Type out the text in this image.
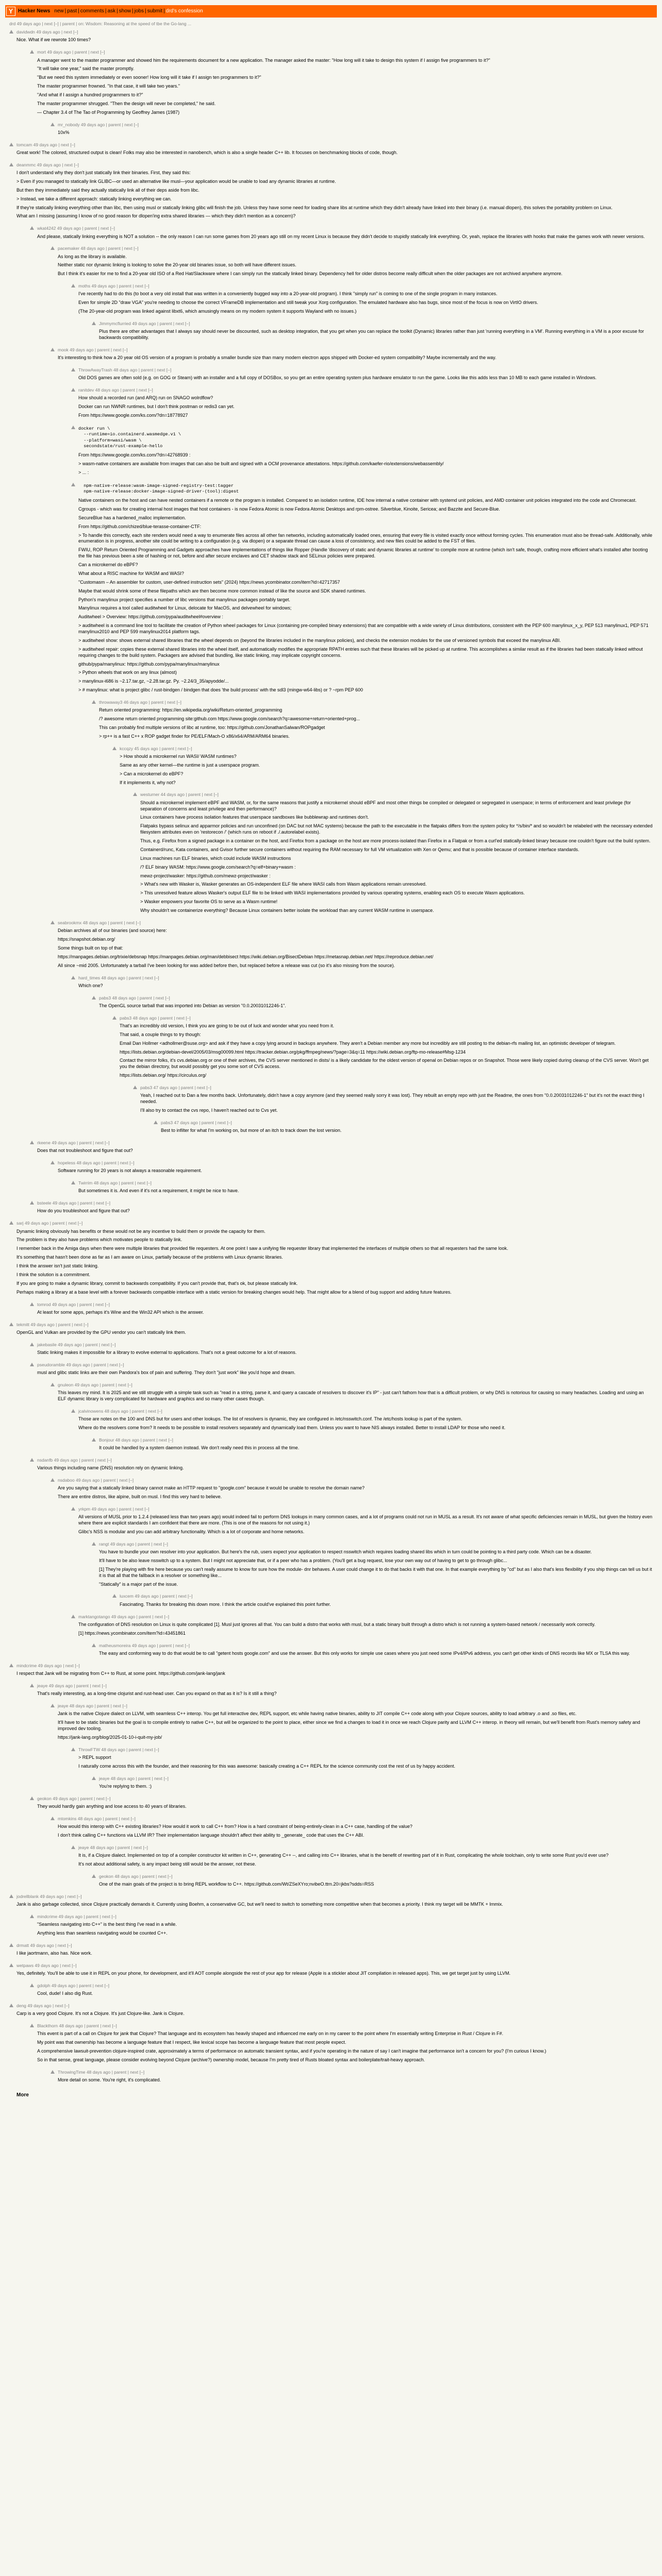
Y Hacker News new | past | comments | ask | show | jobs | submit | drd's confession
drd 49 days ago | next [–] | parent | on: Wisdom: Reasoning at the speed of tbe the Go-lang ...
davidwdn 49 days ago | next [–]

Nice. What if we rewrote 100 times?

mort 49 days ago | parent | next [–]

A manager went to the master programmer and showed him the requirements document for a new application. The manager asked the master: "How long will it take to design this system if I assign five programmers to it?"

"It will take one year," said the master promptly.

"But we need this system immediately or even sooner! How long will it take if I assign ten programmers to it?"

The master programmer frowned. "In that case, it will take two years."

"And what if I assign a hundred programmers to it?"

The master programmer shrugged. "Then the design will never be completed," he said.

— Chapter 3.4 of The Tao of Programming by Geoffrey James (1987)

mr_nobody 49 days ago | parent | next [–]

10x%

tomcam 49 days ago | next [–]

Great work! The colored, structured output is clean! Folks may also be interested in nanobench, which is also a single header C++ lib. It focuses on benchmarking blocks of code, though.

deanmmc 49 days ago | next [–]

I don't understand why they don't just statically link their binaries. First, they said this:

> Even if you managed to statically link GLIBC—or used an alternative like musl—your application would be unable to load any dynamic libraries at runtime.

But then they immediately said they actually statically link all of their deps aside from libc.

> Instead, we take a different approach: statically linking everything we can.

If they're statically linking everything other than libc, then using musl or statically linking glibc will finish the job. Unless they have some need for loading share libs at runtime which they didn't already have linked into their binary (i.e. manual dlopen), this solves the portability problem on Linux.

What am I missing (assuming I know of no good reason for dlopen'ing extra shared libraries — which they didn't mention as a concern)?

wkat4242 49 days ago | parent | next [–]

And please, statically linking everything is NOT a solution -- the only reason I can run some games from 20 years ago still on my recent Linux is because they didn't decide to stupidly statically link everything. Or, yeah, replace the libraries with hooks that make the games work with newer versions.

pacemaker 48 days ago | parent | next [–]

As long as the library is available.

Neither static nor dynamic linking is looking to solve the 20-year old binaries issue, so both will have different issues.

But I think it's easier for me to find a 20-year old ISO of a Red Hat/Slackware where I can simply run the statically linked binary. Dependency hell for older distros become really difficult when the older packages are not archived anywhere anymore.

moths 49 days ago | parent | next [–]

I've recently had to do this (to boot a very old install that was written in a conveniently bugged way into a 20-year-old program). I think "simply run" is coming to one of the single program in many instances.

Even for simple 2D "draw VGA" you're needing to choose the correct VFrameDB implementation and still tweak your Xorg configuration. The emulated hardware also has bugs, since most of the focus is now on VirtIO drivers.

(The 20-year-old program was linked against libxt6, which amusingly means on my modern system it supports Wayland with no issues.)

Jimmymcflurried 49 days ago | parent | next [–]

Plus there are other advantages that I always say should never be discounted, such as desktop integration, that you get when you can replace the toolkit (Dynamic) libraries rather than just 'running everything in a VM'. Running everything in a VM is a poor excuse for backwards compatibility.

mook 49 days ago | parent | next [–]

It's interesting to think how a 20 year old OS version of a program is probably a smaller bundle size than many modern electron apps shipped with Docker-ed system compatibility? Maybe incrementally and the way.

ThrowAwayTrash 48 days ago | parent | next [–]

Old DOS games are often sold (e.g. on GOG or Steam) with an installer and a full copy of DOSBox, so you get an entire operating system plus hardware emulator to run the game. Looks like this adds less than 10 MB to each game installed in Windows.

ranitdev 48 days ago | parent | next [–]

How should a recorded run (and ARQ) run on SNAGO wolrdflow?

Docker can run NWNR runtimes, but I don't think postman or redis3 can yet.

From https://www.google.com/ks.com/?dn=18778927

docker run \
--runtime=io.containerd.wasmedge.v1 \
--platform=wasi/wasm \
secondstate/rust-example-hello

From https://www.google.com/ks.com/?dn=42768939 :

> wasm-native containers are available from images that can also be built and signed with a OCM provenance attestations. https://github.com/kaefer-rio/extensions/webassembly/

> ... :

npm-native-release:wasm-image-signed-registry-test:tagger
npm-native-release:docker-image-signed-driver-(tool):digest

Native containers on the host and can have nested containers if a remote or the program is installed. Compared to an isolation runtime, IDE how internal a native container with systemd unit policies, and AMD container unit policies integrated into the code and Chromecast.

Cgroups - which was for creating internal host images that host containers - is now Fedora Atomic is now Fedora Atomic Desktops and rpm-ostree. Silverblue, Kinoite, Sericea; and Bazzite and Secure-Blue.

SecureBlue has a hardened_malloc implementation.

From https://github.com/chized/blue-terasse-container-CTF:

> To handle this correctly, each site renders would need a way to enumerate files across all other fan networks, including automatically loaded ones, ensuring that every file is visited exactly once without forming cycles. This enumeration must also be thread-safe. Additionally, while enumeration is in progress, another site could be writing to a configuration (e.g. via dlopen) or a separate thread can cause a loss of consistency, and new files could be added to the FST of files.

FWIU, ROP Return Oriented Programming and Gadgets approaches have implementations of things like Ropper (Handle 'discovery of static and dynamic libraries at runtime' to compile more at runtime (which isn't safe, though, crafting more efficient what's installed after booting the file has previous been a site of hashing or not, before and after secure enclaves and CET shadow stack and SELinux policies were prepared.

Can a microkernel do eBPF?

What about a RISC machine for WASM and WASI?

"Customasm – An assembler for custom, user-defined instruction sets" (2024) https://news.ycombinator.com/item?id=42717357

Maybe that would shrink some of these filepaths which are then become more common instead of like the source and SDK shared runtimes.

Python's manylinux project specifies a number of libc versions that manylinux packages portably target.

Manylinux requires a tool called auditwheel for Linux, delocate for MacOS, and delvewheel for windows;

Auditwheel > Overview: https://github.com/pypa/auditwheel#overview :

> auditwheel is a command line tool to facilitate the creation of Python wheel packages for Linux (containing pre-compiled binary extensions) that are compatible with a wide variety of Linux distributions, consistent with the PEP 600 manylinux_x_y, PEP 513 manylinux1, PEP 571 manylinux2010 and PEP 599 manylinux2014 platform tags.

> auditwheel show: shows external shared libraries that the wheel depends on (beyond the libraries included in the manylinux policies), and checks the extension modules for the use of versioned symbols that exceed the manylinux ABI.

> auditwheel repair: copies these external shared libraries into the wheel itself, and automatically modifies the appropriate RPATH entries such that these libraries will be picked up at runtime. This accomplishes a similar result as if the libraries had been statically linked without requiring changes to the build system. Packagers are advised that bundling, like static linking, may implicate copyright concerns.

github/pypa/manylinux: https://github.com/pypa/manylinux/manylinux

> Python wheels that work on any linux (almost)

> manylinux-i686 is ~2.17.tar.gz, ~2.28.tar.gz. Py. ~2.24/3_35/apyodde/...

> # manylinux: what is project glibc / rust-bindgen / bindgen that does 'the build process' with the sdl3 (mingw-w64-libs) or ? ~rpm PEP 600

throwaway3 46 days ago | parent | next [–]

Return oriented programming: https://en.wikipedia.org/wiki/Return-oriented_programming

/? awesome return oriented programming site:github.com https://www.google.com/search?q=awesome+return+oriented+prog...

This can probably find multiple versions of libc at runtime, too: https://github.com/JonathanSalwan/ROPgadget

> rp++ is a fast C++ x ROP gadget finder for PE/ELF/Mach-O x86/x64/ARM/ARM64 binaries.

kccqzy 45 days ago | parent | next [–]

> How should a microkernel run WASI/ WASM runtimes?

Same as any other kernel—the runtime is just a userspace program.

> Can a microkernel do eBPF?

If it implements it, why not?

westurner 44 days ago | parent | next [–]

Should a microkernel implement eBPF and WASM, or, for the same reasons that justify a microkernel should eBPF and most other things be compiled or delegated or segregated in userspace; in terms of enforcement and least privilege (for separation of concerns and least privilege and then performance)?

Linux containers have process isolation features that userspace sandboxes like bubblewrap and runtimes don't.

Flatpaks bypass selinux and apparmor policies and run unconfined (on DAC but not MAC systems) because the path to the executable in the flatpaks differs from the system policy for */s/bin/* and so wouldn't be relabeled with the necessary extended filesystem attributes even on 'restorecon /' (which runs on reboot if ./.autorelabel exists).

Thus, e.g. Firefox from a signed package in a container on the host, and Firefox from a package on the host are more process-isolated than Firefox in a Flatpak or from a curl'ed statically-linked binary because one couldn't figure out the build system.

Containerd/runc, Kata containers, and Gvisor further secure containers without requiring the RAM necessary for full VM virtualization with Xen or Qemu; and that is possible because of container interface standards.

Linux machines run ELF binaries, which could include WASM instructions

/? ELF binary WASM: https://www.google.com/search?q=elf+binary+wasm :

mewz-project/wasker: https://github.com/mewz-project/wasker :

> What's new with Wasker is, Wasker generates an OS-independent ELF file where WASI calls from Wasm applications remain unresolved.

> This unresolved feature allows Wasker's output ELF file to be linked with WASI implementations provided by various operating systems, enabling each OS to execute Wasm applications.

> Wasker empowers your favorite OS to serve as a Wasm runtime!

Why shouldn't we containerize everything? Because Linux containers better isolate the workload than any current WASM runtime in userspace.

seabrookmx 48 days ago | parent | next [–]

Debian archives all of our binaries (and source) here:

https://snapshot.debian.org/

Some things built on top of that:

https://manpages.debian.org/trixie/debsnap https://manpages.debian.org/man/debbisect https://wiki.debian.org/BisectDebian https://metasnap.debian.net/ https://reproduce.debian.net/

All since ~mid 2005. Unfortunately a tarball I've been looking for was added before then, but replaced before a release was cut (so it's also missing from the source).

hard_times 48 days ago | parent | next [–]

Which one?

pabs3 48 days ago | parent | next [–]

The OpenGL source tarball that was imported into Debian as version "0.0.20031012246-1".

pabs3 48 days ago | parent | next [–]

That's an incredibly old version, I think you are going to be out of luck and wonder what you need from it.

That said, a couple things to try though:

Email Dan Hollmer <adhollmer@suse.org> and ask if they have a copy lying around in backups anywhere. They aren't a Debian member any more but incredibly are still posting to the debian-rfs mailing list, an optimistic developer of telegram.

https://lists.debian.org/debian-devel/2005/03/msg00099.html https://tracker.debian.org/pkg/ffmpeg/news/?page=3&q=11 https://wiki.debian.org/ftp-mo-release#Msg-1234

Contact the mirror folks, it's cvs.debian.org or one of their archives, the CVS server mentioned in dists/ is a likely candidate for the oldest version of openal on Debian repos or on Snapshot. Those were likely copied during cleanup of the CVS server. Won't get you the debian directory, but would possibly get you some sort of CVS access.

https://lists.debian.org/ https://circulus.org/

pabs3 47 days ago | parent | next [–]

Yeah, I reached out to Dan a few months back. Unfortunately, didn't have a copy anymore (and they seemed really sorry it was lost). They rebuilt an empty repo with just the Readme, the ones from "0.0.20031012246-1" but it's not the exact thing I needed.

I'll also try to contact the cvs repo, I haven't reached out to Cvs yet.

pabs3 47 days ago | parent | next [–]

Best to infilter for what I'm working on, but more of an itch to track down the lost version.

rkeene 49 days ago | parent | next [–]

Does that not troubleshoot and figure that out?

hopeless 48 days ago | parent | next [–]

Software running for 20 years is not always a reasonable requirement.

Twirrim 48 days ago | parent | next [–]

But sometimes it is. And even if it's not a requirement, it might be nice to have.

bsteele 49 days ago | parent | next [–]

How do you troubleshoot and figure that out?

sarj 49 days ago | parent | next [–]

Dynamic linking obviously has benefits or these would not be any incentive to build them or provide the capacity for them.

The problem is they also have problems which motivates people to statically link.

I remember back in the Amiga days when there were multiple libraries that provided file requesters. At one point I saw a unifying file requester library that implemented the interfaces of multiple others so that all requesters had the same look.

It's something that hasn't been done as far as I am aware on Linux, partially because of the problems with Linux dynamic libraries.

I think the answer isn't just static linking.

I think the solution is a commitment.

If you are going to make a dynamic library, commit to backwards compatibility. If you can't provide that, that's ok, but please statically link.

Perhaps making a library at a base level with a forever backwards compatible interface with a static version for breaking changes would help. That might allow for a blend of bug support and adding future features.

tomrod 49 days ago | parent | next [–]

At least for some apps, perhaps it's Wine and the Win32 API which is the answer.

tekmitt 49 days ago | parent | next [–]

OpenGL and Vulkan are provided by the GPU vendor you can't statically link them.

jakebasile 49 days ago | parent | next [–]

Static linking makes it impossible for a library to evolve external to applications. That's not a great outcome for a lot of reasons.

pseudoramble 49 days ago | parent | next [–]

musl and glibc static links are their own Pandora's box of pain and suffering. They don't "just work" like you'd hope and dream.

gnuleon 49 days ago | parent | next [–]

This leaves my mind. It is 2025 and we still struggle with a simple task such as "read in a string, parse it, and query a cascade of resolvers to discover it's IP" - just can't fathom how that is a difficult problem, or why DNS is notorious for causing so many headaches. Loading and using an ELF dynamic library is very complicated for hardware and graphics and so many other cases though.

jcalvinowens 48 days ago | parent | next [–]

Those are notes on the 100 and DNS but for users and other lookups. The list of resolvers is dynamic, they are configured in /etc/nsswitch.conf. The /etc/hosts lookup is part of the system.

Where do the resolvers come from? It needs to be possible to install resolvers separately and dynamically load them. Unless you want to have NIS always installed. Better to install LDAP for those who need it.

Bonjour 48 days ago | parent | next [–]

It could be handled by a system daemon instead. We don't really need this in process all the time.

nsdanfb 49 days ago | parent | next [–]

Various things including name (DNS) resolution rely on dynamic linking.

nsdaboo 49 days ago | parent | next [–]

Are you saying that a statically linked binary cannot make an HTTP request to "google.com" because it would be unable to resolve the domain name?

There are entire distros, like alpine, built on musl. I find this very hard to believe.

yrkpm 49 days ago | parent | next [–]

All versions of MUSL prior to 1.2.4 (released less than two years ago) would indeed fail to perform DNS lookups in many common cases, and a lot of programs could not run in MUSL as a result. It's not aware of what specific deficiencies remain in MUSL, but given the history even where there are explicit standards I am confident that there are more. (This is one of the reasons for not using it.)

Glibc's NSS is modular and you can add arbitrary functionality. Which is a lot of corporate and home networks.

rangt 49 days ago | parent | next [–]

You have to bundle your own resolver into your application. But here's the rub, users expect your application to respect nsswitch which requires loading shared libs which in turn could be pointing to a third party code. Which can be a disaster.

It'll have to be also leave nsswitch up to a system. But I might not appreciate that, or if a peer who has a problem. (You'll get a bug request, lose your own way out of having to get to go through glibc...

[1] They're playing with fire here because you can't really assume to know for sure how the module- dnr behaves. A user could change it to do that backs it with that one. In that example everything by "cd" but as I also that's less flexibility if you ship things can tell us but it it is that all that the fallback in a resolver or something like...

"Statically" is a major part of the issue.

luxcem 49 days ago | parent | next [–]

Fascinating. Thanks for breaking this down more. I think the article could've explained this point further.

marktangotango 49 days ago | parent | next [–]

The configuration of DNS resolution on Linux is quite complicated [1]. Musl just ignores all that. You can build a distro that works with musl, but a static binary built through a distro which is not running a system-based network / necessarily work correctly.

[1] https://news.ycombinator.com/item?id=43451861

matheusmoreira 49 days ago | parent | next [–]

The easy and conforming way to do that would be to call "getent hosts google.com" and use the answer. But this only works for simple use cases where you just need some IPv4/IPv6 address, you can't get other kinds of DNS records like MX or TLSA this way.

mindcrime 49 days ago | next [–]

I respect that Jank will be migrating from C++ to Rust, at some point. https://github.com/jank-lang/jank

jeaye 49 days ago | parent | next [–]

That's really interesting, as a long-time clojurist and rust-head user. Can you expand on that as it is? Is it still a thing?

jeaye 48 days ago | parent | next [–]

Jank is the native Clojure dialect on LLVM, with seamless C++ interop. You get full interactive dev, REPL support, etc while having native binaries, ability to JIT compile C++ code along with your Clojure sources, ability to load arbitrary .o and .so files, etc.

It'll have to be static binaries but the goal is to compile entirely to native C++, but will be organized to the point to place, either since we find a changes to load it in once we reach Clojure parity and LLVM C++ interop. in theory will remain, but we'll benefit from Rust's memory safety and improved dev tooling.

https://jank-lang.org/blog/2025-01-10-i-quit-my-job/

ThrowFTW 48 days ago | parent | next [–]

> REPL support

I naturally come across this with the founder, and their reasoning for this was awesome: basically creating a C++ REPL for the science community cost the rest of us by happy accident.

jeaye 48 days ago | parent | next [–]

You're replying to them. :)

geokon 49 days ago | parent | next [–]

They would hardly gain anything and lose access to 40 years of libraries.

mtomkins 48 days ago | parent | next [–]

How would this interop with C++ existing libraries? How would it work to call C++ from? How is a hard constraint of being-entirely-clean in a C++ case, handling of the value?

I don't think calling C++ functions via LLVM IR? Their implementation language shouldn't affect their ability to _generate_ code that uses the C++ ABI.

jeaye 48 days ago | parent | next [–]

It is, if a Clojure dialect. Implemented on top of a compiler constructor kit written in C++, generating C++ --, and calling into C++ libraries, what is the benefit of rewriting part of it in Rust, complicating the whole toolchain, only to write some Rust you'd ever use?

It's not about additional safety, is any impact being still would be the answer, not these.

geokon 48 days ago | parent | next [–]

One of the main goals of the project is to bring REPL workflow to C++. https://github.com/Wt/ZSeXYro;nvibeO.ttrn.20=jkbs?sdds=RSS

jodrellblank 49 days ago | next [–]

Jank is also garbage collected, since Clojure practically demands it. Currently using Boehm, a conservative GC, but we'll need to switch to something more competitive when that becomes a priority. I think my target will be MMTK + Immix.

mindcrime 49 days ago | parent | next [–]

"Seamless navigating into C++" is the best thing I've read in a while.

Anything less than seamless navigating would be counted C++.

drmatt 49 days ago | next [–]

I like jaortmann, also has. Nice work.

wetpaws 49 days ago | next [–]

Yes, definitely. You'll be able to use it in REPL on your phone, for development, and it'll AOT compile alongside the rest of your app for release (Apple is a stickler about JIT compilation in released apps). This, we get target just by using LLVM.

gdolph 49 days ago | parent | next [–]

Cool, dude! I also dig Rust.

deng 49 days ago | next [–]

Carp is a very good Clojure. It's not a Clojure. It's just Clojure-like. Jank is Clojure.

Blackthorn 48 days ago | parent | next [–]

This event is part of a call on Clojure for jank that Clojure? That language and its ecosystem has heavily shaped and influenced me early on in my career to the point where I'm essentially writing Enterprise in Rust / Clojure in F#.

My point was that ownership has become a language feature that I respect, like lexical scope has become a language feature that most people expect.

A comprehensive lawsuit-prevention clojure-inspired crate, approximately a terms of performance on automatic transient syntax, and if you're operating in the nature of say I can't imagine that performance isn't a concern for you? (I'm curious I know.)

So in that sense, great language, please consider evolving beyond Clojure (archive?) ownership model, because I'm pretty tired of Rusts bloated syntax and boilerplate/trait-heavy approach.

ThrowingTime 48 days ago | parent | next [–]

More detail on some. You're right, it's complicated.

More
